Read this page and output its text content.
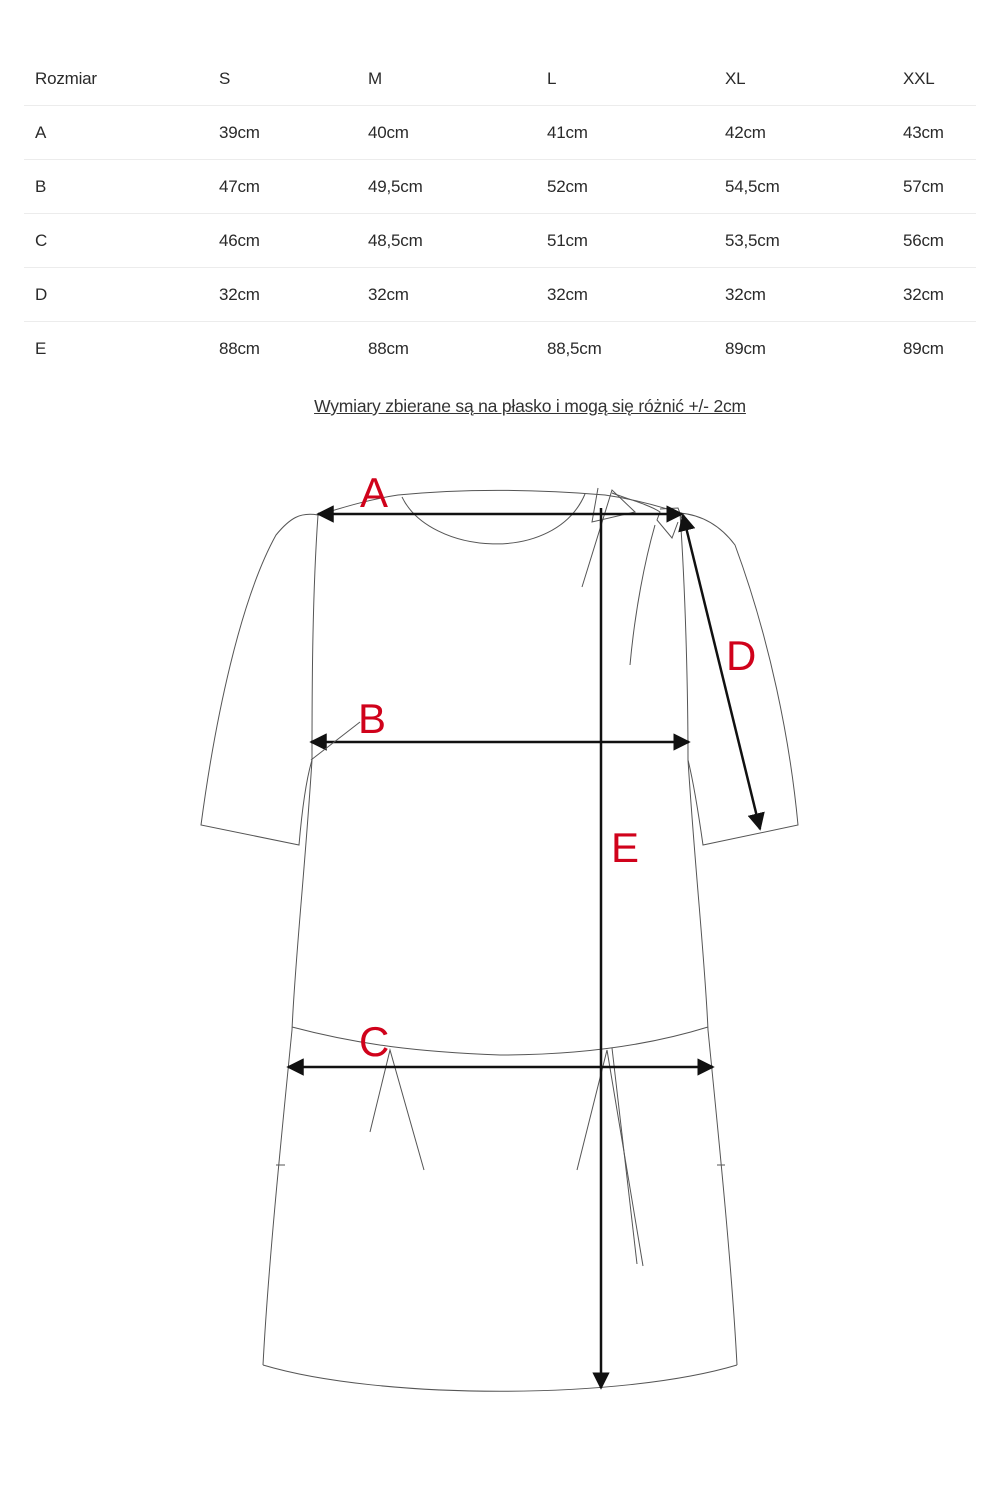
Rozmiar	S	M	L	XL	XXL
A	39cm	40cm	41cm	42cm	43cm
B	47cm	49,5cm	52cm	54,5cm	57cm
C	46cm	48,5cm	51cm	53,5cm	56cm
D	32cm	32cm	32cm	32cm	32cm
E	88cm	88cm	88,5cm	89cm	89cm
Wymiary zbierane są na płasko i mogą się różnić +/- 2cm
A
B
C
D
E
